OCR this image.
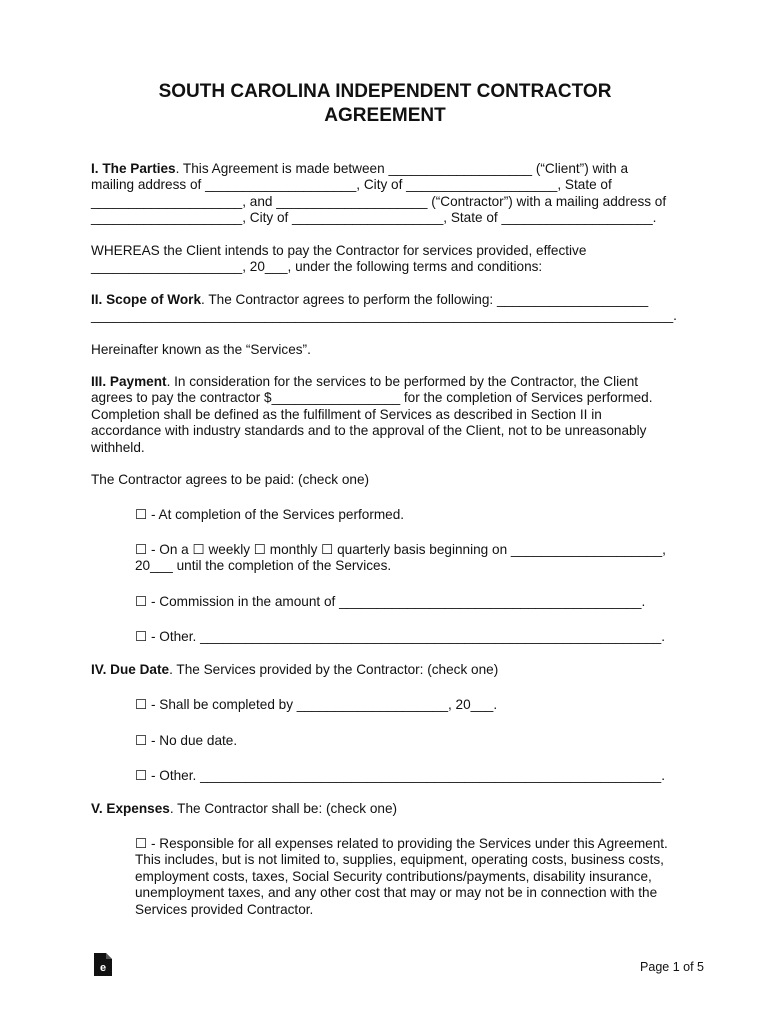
SOUTH CAROLINA INDEPENDENT CONTRACTOR
AGREEMENT
I. The Parties. This Agreement is made between ___________________ (“Client”) with a
mailing address of ____________________, City of ____________________, State of
____________________, and ____________________ (“Contractor”) with a mailing address of
____________________, City of ____________________, State of ____________________.
WHEREAS the Client intends to pay the Contractor for services provided, effective
____________________, 20___, under the following terms and conditions:
II. Scope of Work. The Contractor agrees to perform the following: ____________________
_____________________________________________________________________________.
Hereinafter known as the “Services”.
III. Payment. In consideration for the services to be performed by the Contractor, the Client
agrees to pay the contractor $_________________ for the completion of Services performed.
Completion shall be defined as the fulfillment of Services as described in Section II in
accordance with industry standards and to the approval of the Client, not to be unreasonably
withheld.
The Contractor agrees to be paid: (check one)
☐ - At completion of the Services performed.
☐ - On a ☐ weekly ☐ monthly ☐ quarterly basis beginning on ____________________,
20___ until the completion of the Services.
☐ - Commission in the amount of ________________________________________.
☐ - Other. _____________________________________________________________.
IV. Due Date. The Services provided by the Contractor: (check one)
☐ - Shall be completed by ____________________, 20___.
☐ - No due date.
☐ - Other. _____________________________________________________________.
V. Expenses. The Contractor shall be: (check one)
☐ - Responsible for all expenses related to providing the Services under this Agreement.
This includes, but is not limited to, supplies, equipment, operating costs, business costs,
employment costs, taxes, Social Security contributions/payments, disability insurance,
unemployment taxes, and any other cost that may or may not be in connection with the
Services provided Contractor.
e	Page 1 of 5
